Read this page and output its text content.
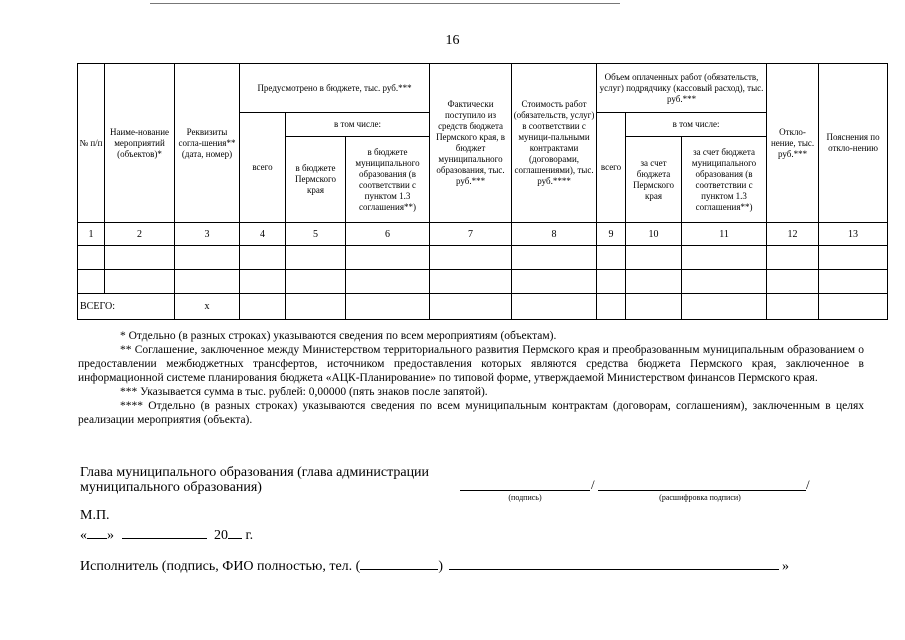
16
№ п/п	Наиме-нование мероприятий (объектов)*	Реквизиты согла-шения** (дата, номер)	Предусмотрено в бюджете, тыс. руб.***			Фактически поступило из средств бюджета Пермского края, в бюджет муниципального образования, тыс. руб.***	Стоимость работ (обязательств, услуг) в соответствии с муници-пальными контрактами (договорами, соглашениями), тыс. руб.****	Объем оплаченных работ (обязательств, услуг) подрядчику (кассовый расход), тыс. руб.***			Откло-нение, тыс. руб.***	Пояснения по откло-нению
			всего	в том числе:				всего	в том числе:			
				в бюджете Пермского края	в бюджете муниципального образования (в соответствии с пунктом 1.3 соглашения**)				за счет бюджета Пермского края	за счет бюджета муниципального образования (в соответствии с пунктом 1.3 соглашения**)		
1	2	3	4	5	6	7	8	9	10	11	12	13

ВСЕГО:		x										

* Отдельно (в разных строках) указываются сведения по всем мероприятиям (объектам).

** Соглашение, заключенное между Министерством территориального развития Пермского края и преобразованным муниципальным образованием о предоставлении межбюджетных трансфертов, источником предоставления которых являются средства бюджета Пермского края, заключенное в информационной системе планирования бюджета «АЦК-Планирование» по типовой форме, утверждаемой Министерством финансов Пермского края.

*** Указывается сумма в тыс. рублей: 0,00000 (пять знаков после запятой).

**** Отдельно (в разных строках) указываются сведения по всем муниципальным контрактам (договорам, соглашениям), заключенным в целях реализации мероприятия (объекта).

Глава муниципального образования (глава администрации
муниципального образования)	/	/
(подпись)	(расшифровка подписи)
М.П.
« »	20 г.
Исполнитель (подпись, ФИО полностью, тел. (	)	»
